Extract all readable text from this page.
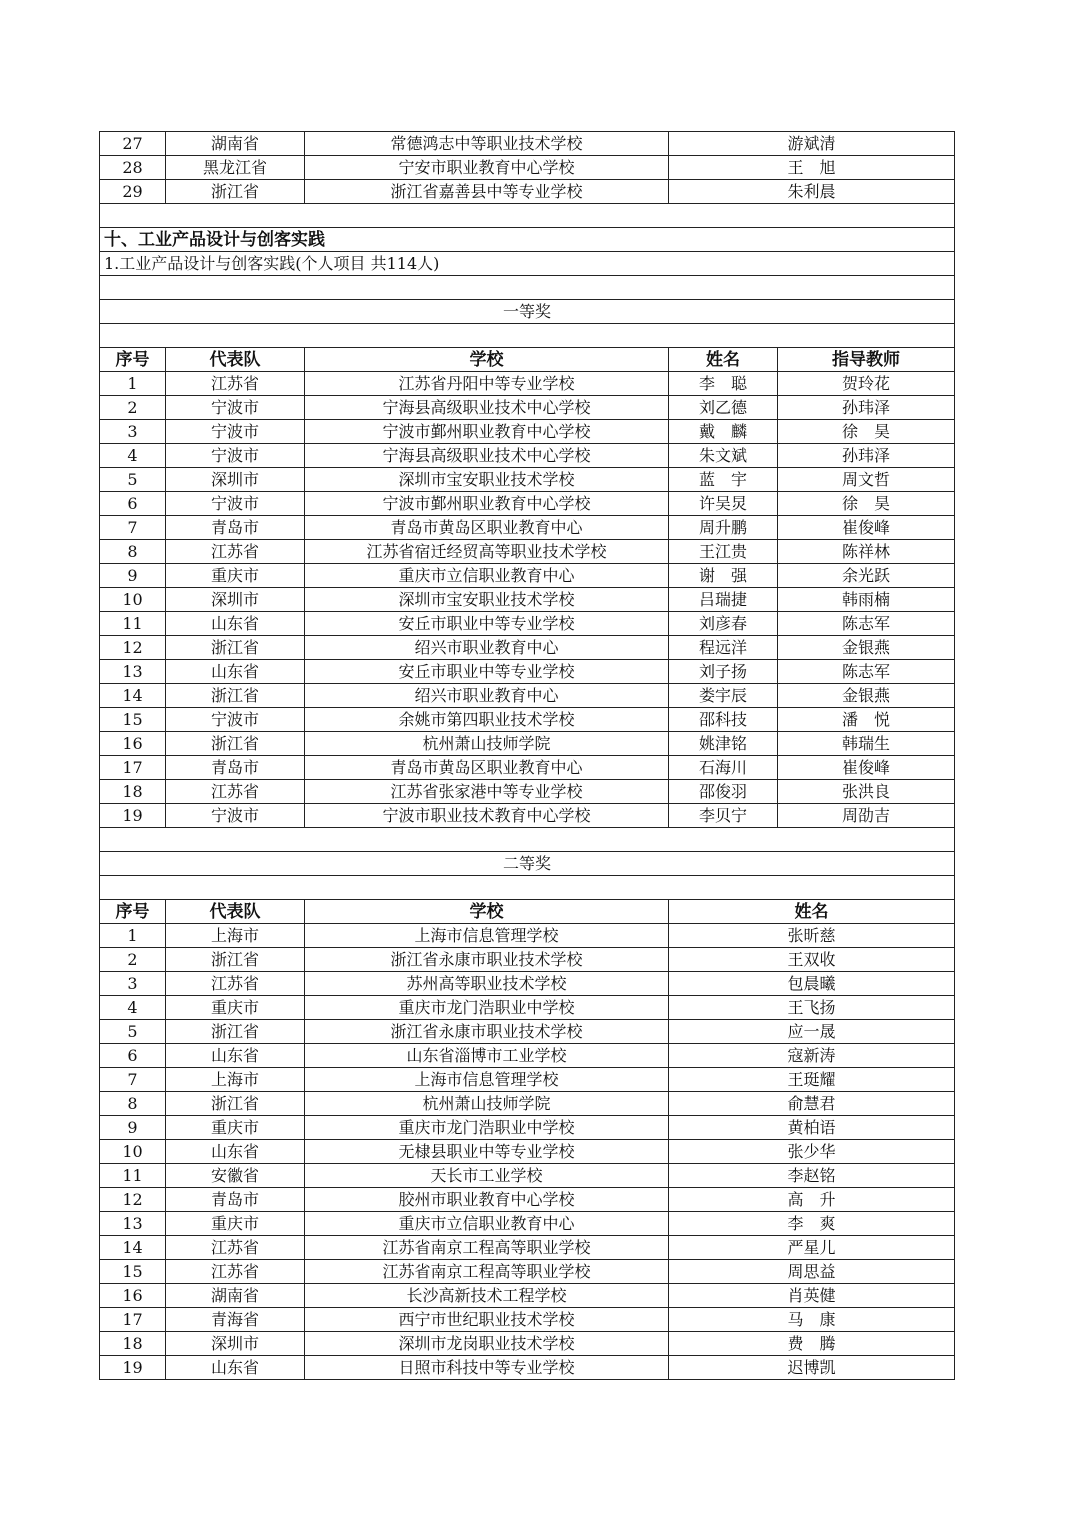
27	湖南省	常德鸿志中等职业技术学校	游斌清	
28	黑龙江省	宁安市职业教育中心学校	王　旭	
29	浙江省	浙江省嘉善县中等专业学校	朱利晨	

十、工业产品设计与创客实践				
1.工业产品设计与创客实践(个人项目 共114人)				

一等奖				

序号	代表队	学校	姓名	指导教师
1	江苏省	江苏省丹阳中等专业学校	李　聪	贺玲花
2	宁波市	宁海县高级职业技术中心学校	刘乙德	孙玮泽
3	宁波市	宁波市鄞州职业教育中心学校	戴　麟	徐　昊
4	宁波市	宁海县高级职业技术中心学校	朱文斌	孙玮泽
5	深圳市	深圳市宝安职业技术学校	蓝　宇	周文哲
6	宁波市	宁波市鄞州职业教育中心学校	许吴炅	徐　昊
7	青岛市	青岛市黄岛区职业教育中心	周升鹏	崔俊峰
8	江苏省	江苏省宿迁经贸高等职业技术学校	王江贵	陈祥林
9	重庆市	重庆市立信职业教育中心	谢　强	余光跃
10	深圳市	深圳市宝安职业技术学校	吕瑞捷	韩雨楠
11	山东省	安丘市职业中等专业学校	刘彦春	陈志军
12	浙江省	绍兴市职业教育中心	程远洋	金银燕
13	山东省	安丘市职业中等专业学校	刘子扬	陈志军
14	浙江省	绍兴市职业教育中心	娄宇辰	金银燕
15	宁波市	余姚市第四职业技术学校	邵科技	潘　悦
16	浙江省	杭州萧山技师学院	姚津铭	韩瑞生
17	青岛市	青岛市黄岛区职业教育中心	石海川	崔俊峰
18	江苏省	江苏省张家港中等专业学校	邵俊羽	张洪良
19	宁波市	宁波市职业技术教育中心学校	李贝宁	周劭吉

二等奖				

序号	代表队	学校	姓名	
1	上海市	上海市信息管理学校	张昕慈	
2	浙江省	浙江省永康市职业技术学校	王双收	
3	江苏省	苏州高等职业技术学校	包晨曦	
4	重庆市	重庆市龙门浩职业中学校	王飞扬	
5	浙江省	浙江省永康市职业技术学校	应一晟	
6	山东省	山东省淄博市工业学校	寇新涛	
7	上海市	上海市信息管理学校	王珽耀	
8	浙江省	杭州萧山技师学院	俞慧君	
9	重庆市	重庆市龙门浩职业中学校	黄柏语	
10	山东省	无棣县职业中等专业学校	张少华	
11	安徽省	天长市工业学校	李赵铭	
12	青岛市	胶州市职业教育中心学校	高　升	
13	重庆市	重庆市立信职业教育中心	李　爽	
14	江苏省	江苏省南京工程高等职业学校	严星儿	
15	江苏省	江苏省南京工程高等职业学校	周思益	
16	湖南省	长沙高新技术工程学校	肖英健	
17	青海省	西宁市世纪职业技术学校	马　康	
18	深圳市	深圳市龙岗职业技术学校	费　腾	
19	山东省	日照市科技中等专业学校	迟博凯	
